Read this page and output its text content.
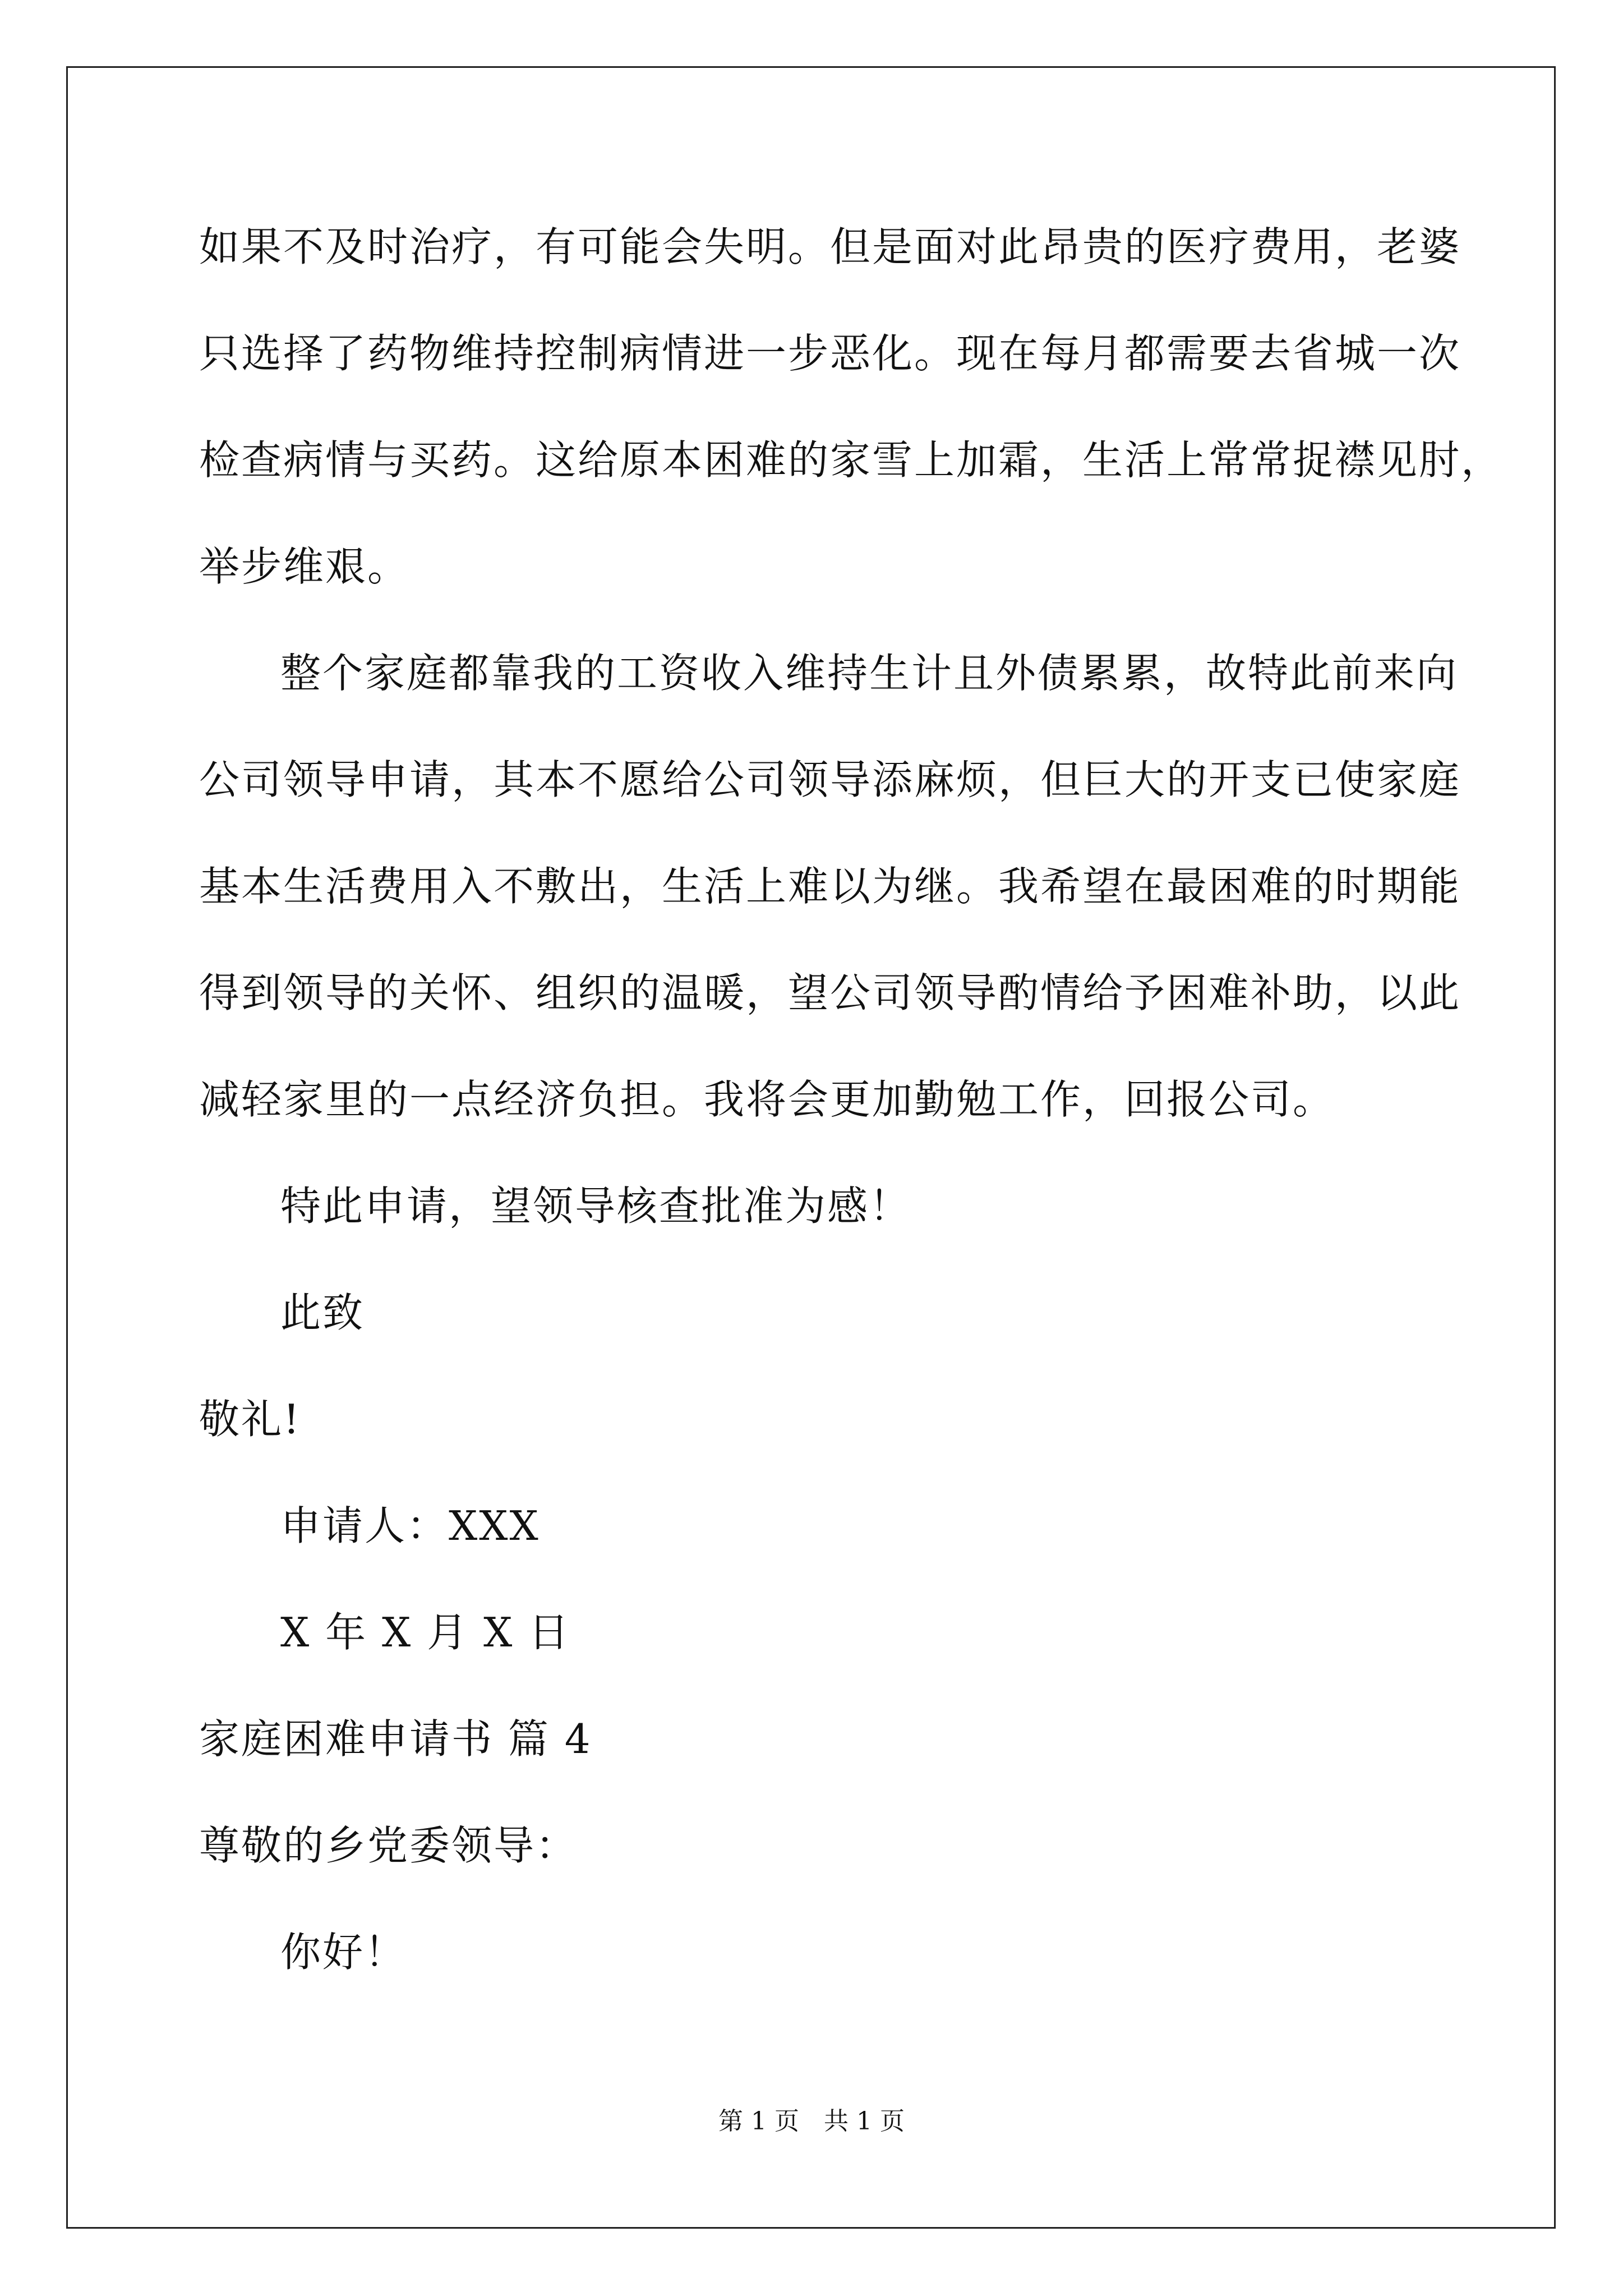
如果不及时治疗，有可能会失明。但是面对此昂贵的医疗费用，老婆
只选择了药物维持控制病情进一步恶化。现在每月都需要去省城一次
检查病情与买药。这给原本困难的家雪上加霜，生活上常常捉襟见肘，
举步维艰。
整个家庭都靠我的工资收入维持生计且外债累累，故特此前来向
公司领导申请，其本不愿给公司领导添麻烦，但巨大的开支已使家庭
基本生活费用入不敷出，生活上难以为继。我希望在最困难的时期能
得到领导的关怀、组织的温暖，望公司领导酌情给予困难补助，以此
减轻家里的一点经济负担。我将会更加勤勉工作，回报公司。
特此申请，望领导核查批准为感！
此致
敬礼!
申请人：XXX
X 年 X 月 X 日
家庭困难申请书 篇 4
尊敬的乡党委领导：
你好！
第 1 页　共 1 页
